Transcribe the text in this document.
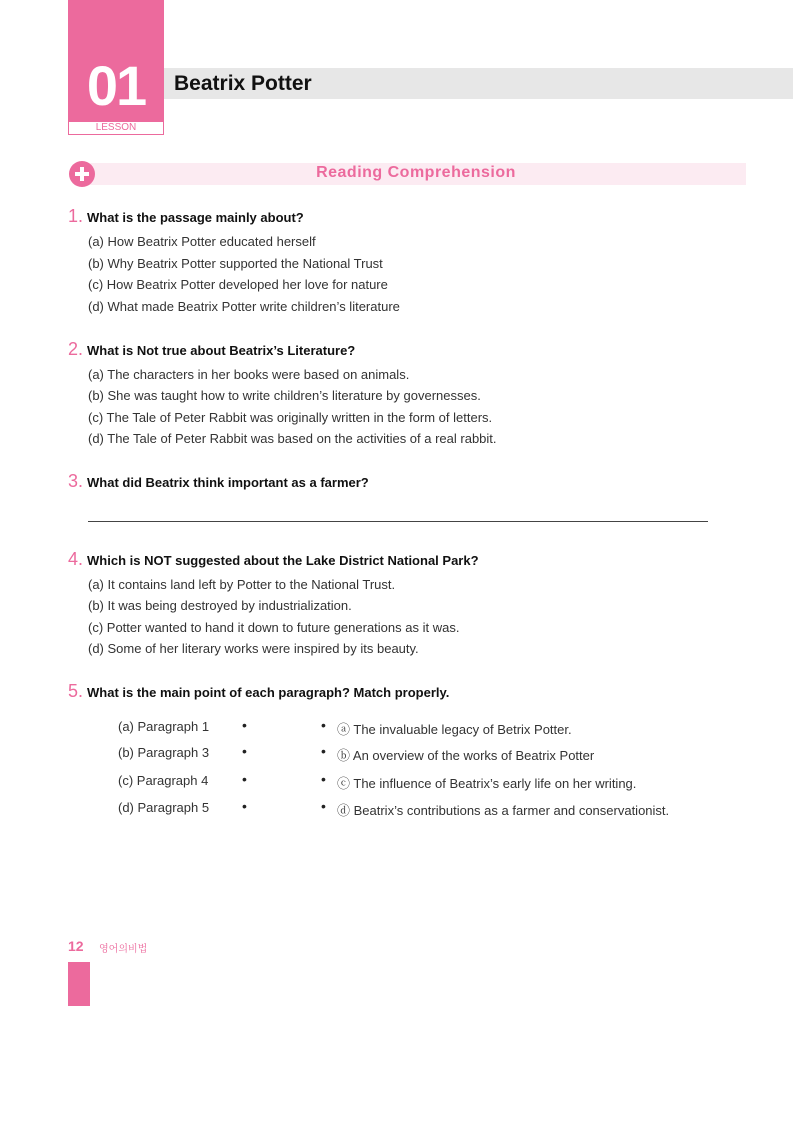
01
LESSON
Beatrix Potter
Reading Comprehension
1. What is the passage mainly about?
(a) How Beatrix Potter educated herself
(b) Why Beatrix Potter supported the National Trust
(c) How Beatrix Potter developed her love for nature
(d) What made Beatrix Potter write children’s literature
2. What is Not true about Beatrix’s Literature?
(a) The characters in her books were based on animals.
(b) She was taught how to write children’s literature by governesses.
(c) The Tale of Peter Rabbit was originally written in the form of letters.
(d) The Tale of Peter Rabbit was based on the activities of a real rabbit.
3. What did Beatrix think important as a farmer?
4. Which is NOT suggested about the Lake District National Park?
(a) It contains land left by Potter to the National Trust.
(b) It was being destroyed by industrialization.
(c) Potter wanted to hand it down to future generations as it was.
(d) Some of her literary works were inspired by its beauty.
5. What is the main point of each paragraph? Match properly.
(a) Paragraph 1 •	• ⓐ The invaluable legacy of Betrix Potter.
(b) Paragraph 3 •	• ⓑ An overview of the works of Beatrix Potter
(c) Paragraph 4 •	• ⓒ The influence of Beatrix’s early life on her writing.
(d) Paragraph 5 •	• ⓓ Beatrix’s contributions as a farmer and conservationist.
12 영어의비법
